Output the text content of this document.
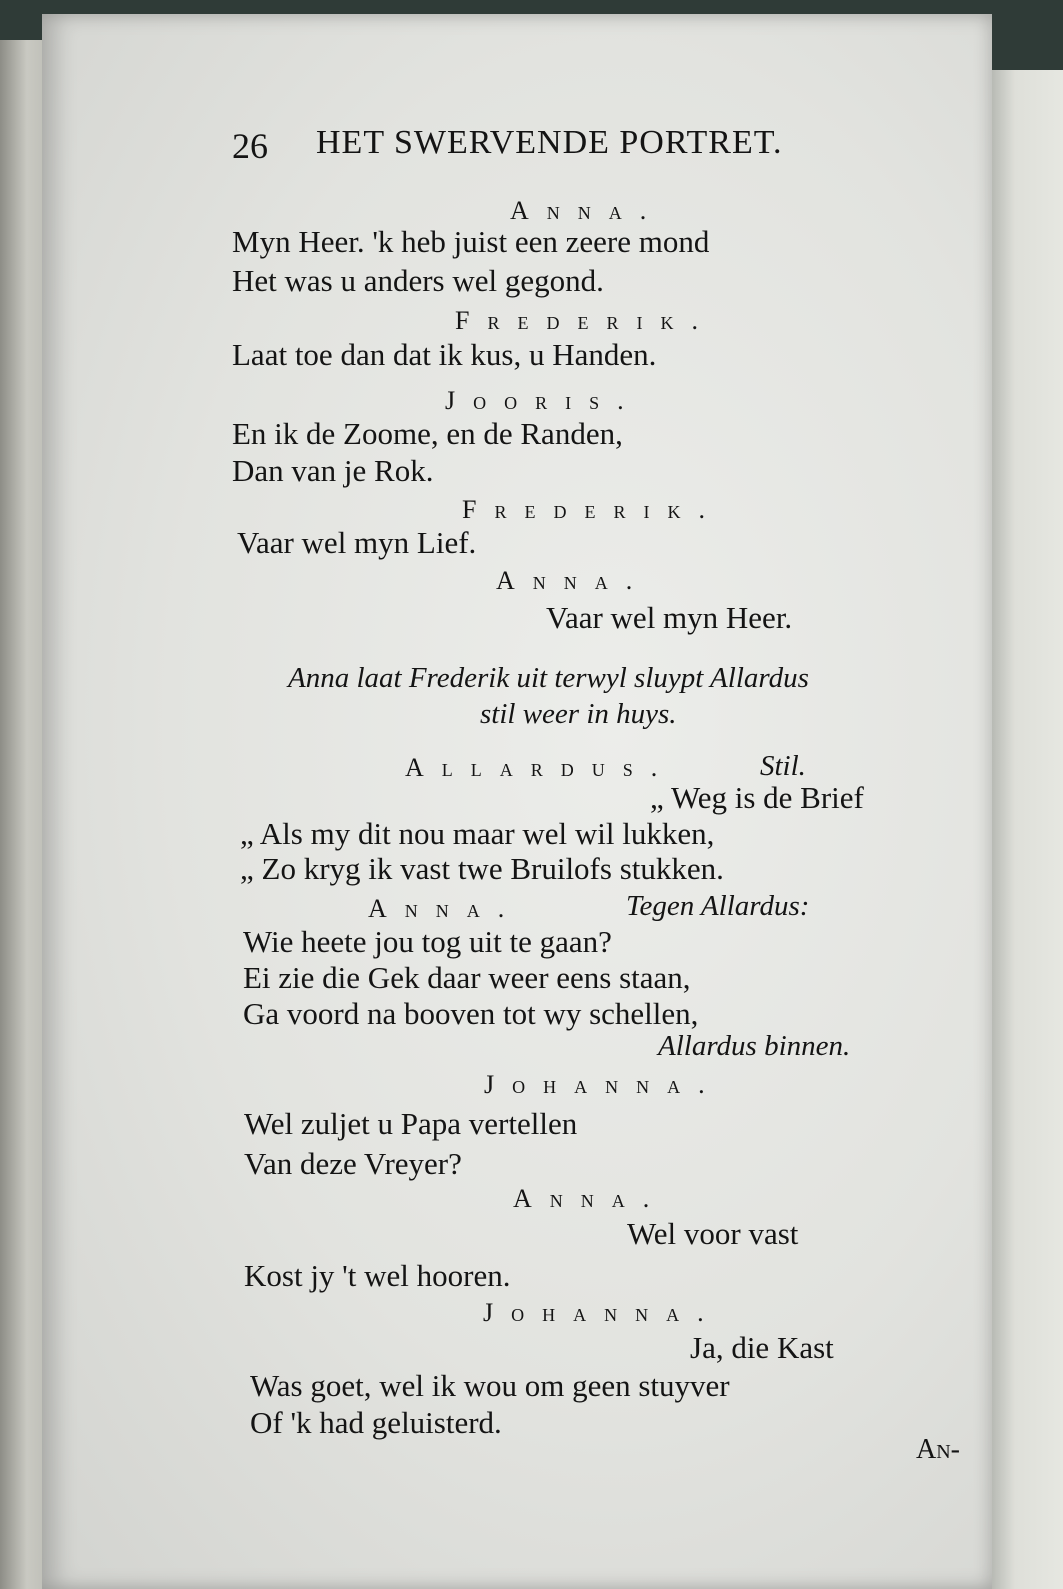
26 HET SWERVENDE PORTRET.
Anna.
Myn Heer. 'k heb juist een zeere mond
Het was u anders wel gegond.
Frederik.
Laat toe dan dat ik kus, u Handen.
Jooris.
En ik de Zoome, en de Randen,
Dan van je Rok.
Frederik.
Vaar wel myn Lief.
Anna.
Vaar wel myn Heer.
Anna laat Frederik uit terwyl sluypt Allardus
stil weer in huys.
Allardus.	Stil.
„ Weg is de Brief
„ Als my dit nou maar wel wil lukken,
„ Zo kryg ik vast twe Bruilofs stukken.
Anna.	Tegen Allardus:
Wie heete jou tog uit te gaan?
Ei zie die Gek daar weer eens staan,
Ga voord na booven tot wy schellen,
Allardus binnen.
Johanna.
Wel zuljet u Papa vertellen
Van deze Vreyer?
Anna.
Wel voor vast
Kost jy 't wel hooren.
Johanna.
Ja, die Kast
Was goet, wel ik wou om geen stuyver
Of 'k had geluisterd.
An-
